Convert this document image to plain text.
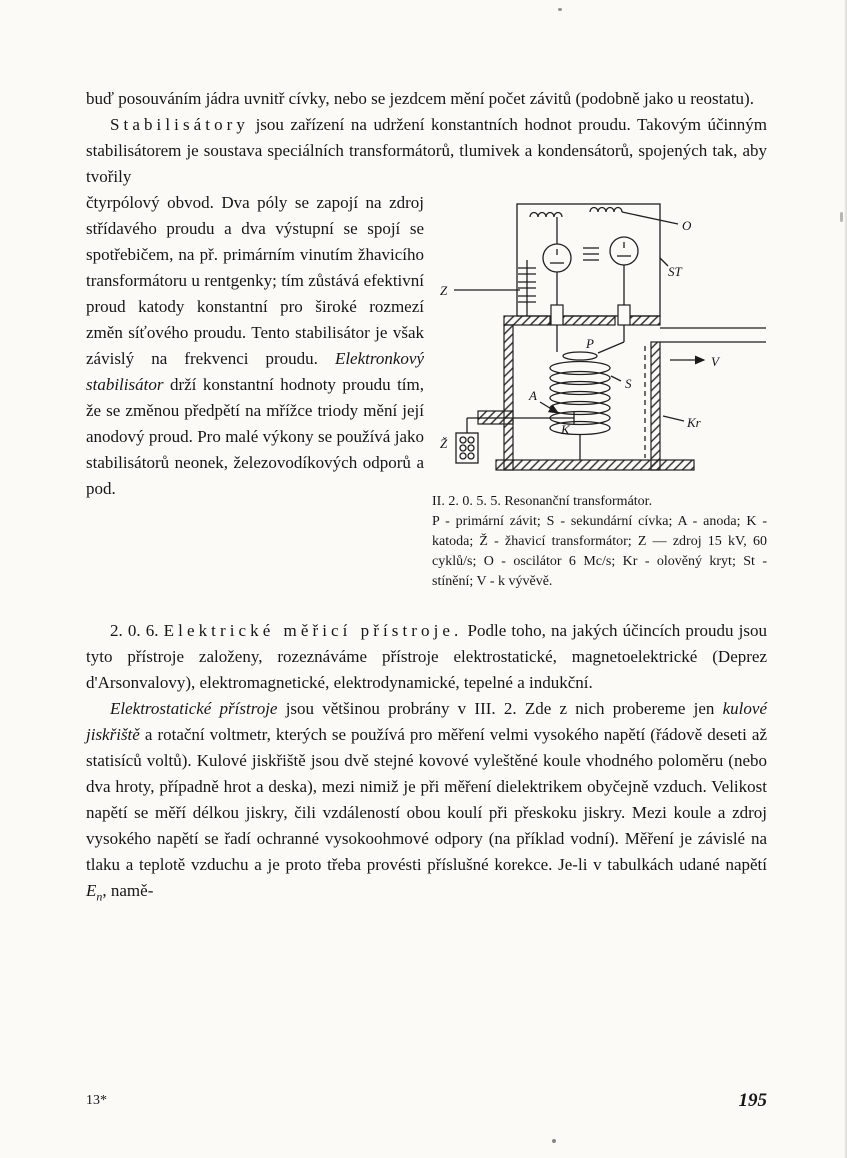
buď posouváním jádra uvnitř cívky, nebo se jezdcem mění počet závitů (podobně jako u reostatu).

Stabilisátory jsou zařízení na udržení konstantních hodnot proudu. Takovým účinným stabilisátorem je soustava speciálních transformátorů, tlumivek a kondensátorů, spojených tak, aby tvořily

čtyrpólový obvod. Dva póly se zapojí na zdroj střídavého proudu a dva výstupní se spojí se spotřebičem, na př. primárním vinutím žhavicího transformátoru u rentgenky; tím zůstává efektivní proud katody konstantní pro široké rozmezí změn síťového proudu. Tento stabilisátor je však závislý na frekvenci proudu. Elektronkový stabilisátor drží konstantní hodnoty proudu tím, že se změnou předpětí na mřížce triody mění její anodový proud. Pro malé výkony se používá jako stabilisátorů neonek, železovodíkových odporů a pod.
O
ST
Z
Ž
P
S
A
K	Kr
V
II. 2. 0. 5. 5. Resonanční transformátor.
P - primární závit; S - sekundární cívka; A - anoda; K - katoda; Ž - žhavicí transformátor; Z — zdroj 15 kV, 60 cyklů/s; O - oscilátor 6 Mc/s; Kr - olověný kryt; St - stínění; V - k vývěvě.

2. 0. 6. Elektrické měřicí přístroje. Podle toho, na jakých účincích proudu jsou tyto přístroje založeny, rozeznáváme přístroje elektrostatické, magnetoelektrické (Deprez d'Arsonvalovy), elektromagnetické, elektrodynamické, tepelné a indukční.

Elektrostatické přístroje jsou většinou probrány v III. 2. Zde z nich probereme jen kulové jiskřiště a rotační voltmetr, kterých se používá pro měření velmi vysokého napětí (řádově deseti až statisíců voltů). Kulové jiskřiště jsou dvě stejné kovové vyleštěné koule vhodného poloměru (nebo dva hroty, případně hrot a deska), mezi nimiž je při měření dielektrikem obyčejně vzduch. Velikost napětí se měří délkou jiskry, čili vzdáleností obou koulí při přeskoku jiskry. Mezi koule a zdroj vysokého napětí se řadí ochranné vysokoohmové odpory (na příklad vodní). Měření je závislé na tlaku a teplotě vzduchu a je proto třeba provésti příslušné korekce. Je-li v tabulkách udané napětí $E_n$, namě-

13*	195
